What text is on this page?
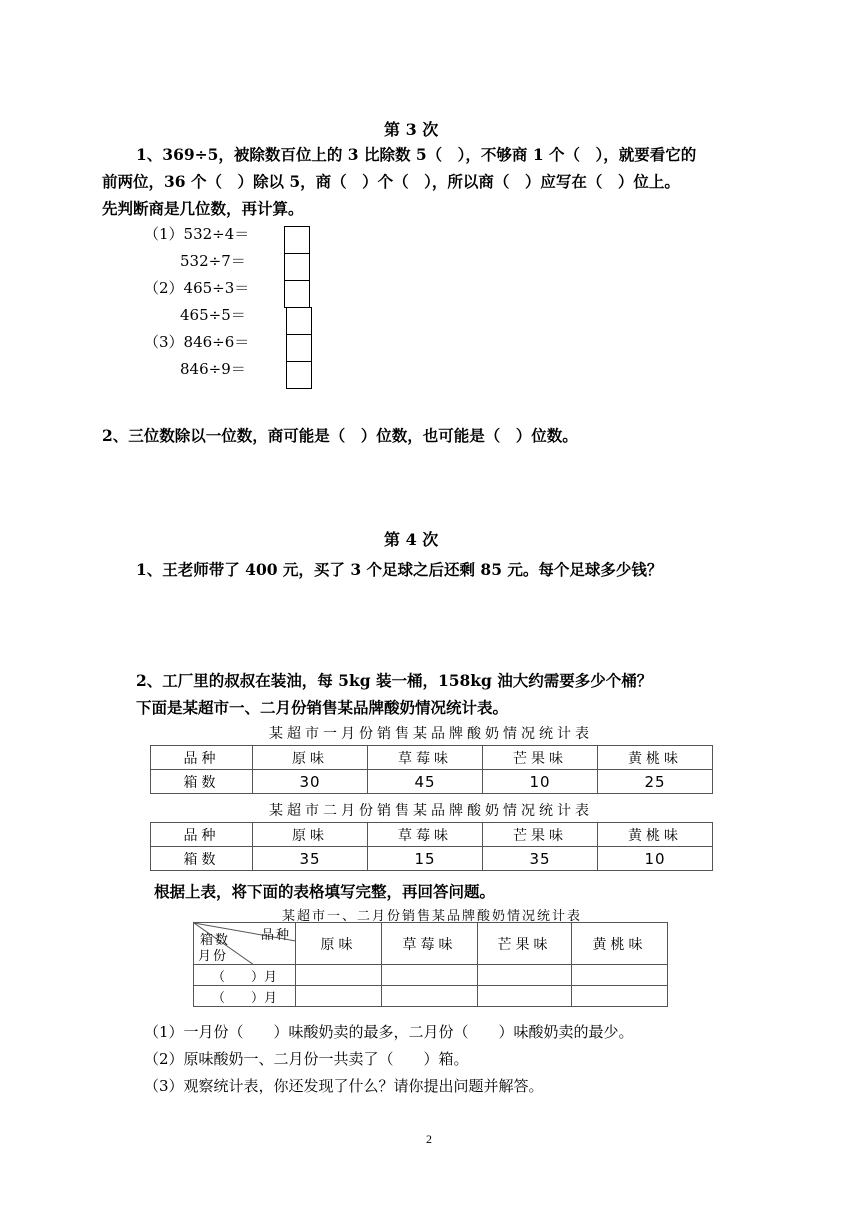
第 3 次
1、369÷5，被除数百位上的 3 比除数 5（　），不够商 1 个（　），就要看它的
前两位，36 个（　）除以 5，商（　）个（　），所以商（　）应写在（　）位上。
先判断商是几位数，再计算。
（1）532÷4＝
532÷7＝
（2）465÷3＝
465÷5＝
（3）846÷6＝
846÷9＝
2、三位数除以一位数，商可能是（　）位数，也可能是（　）位数。
第 4 次
1、王老师带了 400 元，买了 3 个足球之后还剩 85 元。每个足球多少钱？
2、工厂里的叔叔在装油，每 5kg 装一桶，158kg 油大约需要多少个桶？
下面是某超市一、二月份销售某品牌酸奶情况统计表。
某超市一月份销售某品牌酸奶情况统计表
品种	原味	草莓味	芒果味	黄桃味
箱数	30	45	10	25
某超市二月份销售某品牌酸奶情况统计表
品种	原味	草莓味	芒果味	黄桃味
箱数	35	15	35	10
根据上表，将下面的表格填写完整，再回答问题。
某超市一、二月份销售某品牌酸奶情况统计表
品种
箱数
月份	原味	草莓味	芒果味	黄桃味
（　　）月				
（　　）月				
（1）一月份（　　）味酸奶卖的最多，二月份（　　）味酸奶卖的最少。
（2）原味酸奶一、二月份一共卖了（　　）箱。
（3）观察统计表，你还发现了什么？请你提出问题并解答。
2
